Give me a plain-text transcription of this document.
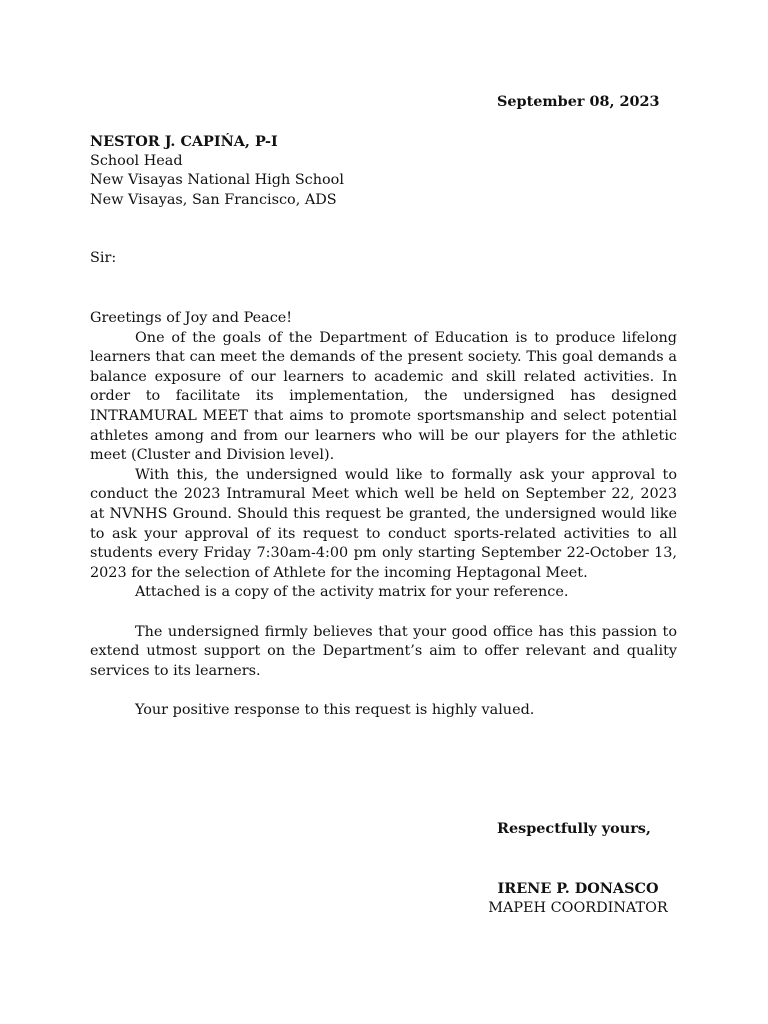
September 08, 2023
NESTOR J. CAPIŃA, P-I
School Head
New Visayas National High School
New Visayas, San Francisco, ADS
Sir:

Greetings of Joy and Peace!

One of the goals of the Department of Education is to produce lifelong learners that can meet the demands of the present society. This goal demands a balance exposure of our learners to academic and skill related activities. In order to facilitate its implementation, the undersigned has designed INTRAMURAL MEET that aims to promote sportsmanship and select potential athletes among and from our learners who will be our players for the athletic meet (Cluster and Division level).

With this, the undersigned would like to formally ask your approval to conduct the 2023 Intramural Meet which well be held on September 22, 2023 at NVNHS Ground. Should this request be granted, the undersigned would like to ask your approval of its request to conduct sports-related activities to all students every Friday 7:30am-4:00 pm only starting September 22-October 13, 2023 for the selection of Athlete for the incoming Heptagonal Meet.

Attached is a copy of the activity matrix for your reference.

The undersigned firmly believes that your good office has this passion to extend utmost support on the Department’s aim to offer relevant and quality services to its learners.

Your positive response to this request is highly valued.

Respectfully yours,
IRENE P. DONASCO
MAPEH COORDINATOR
